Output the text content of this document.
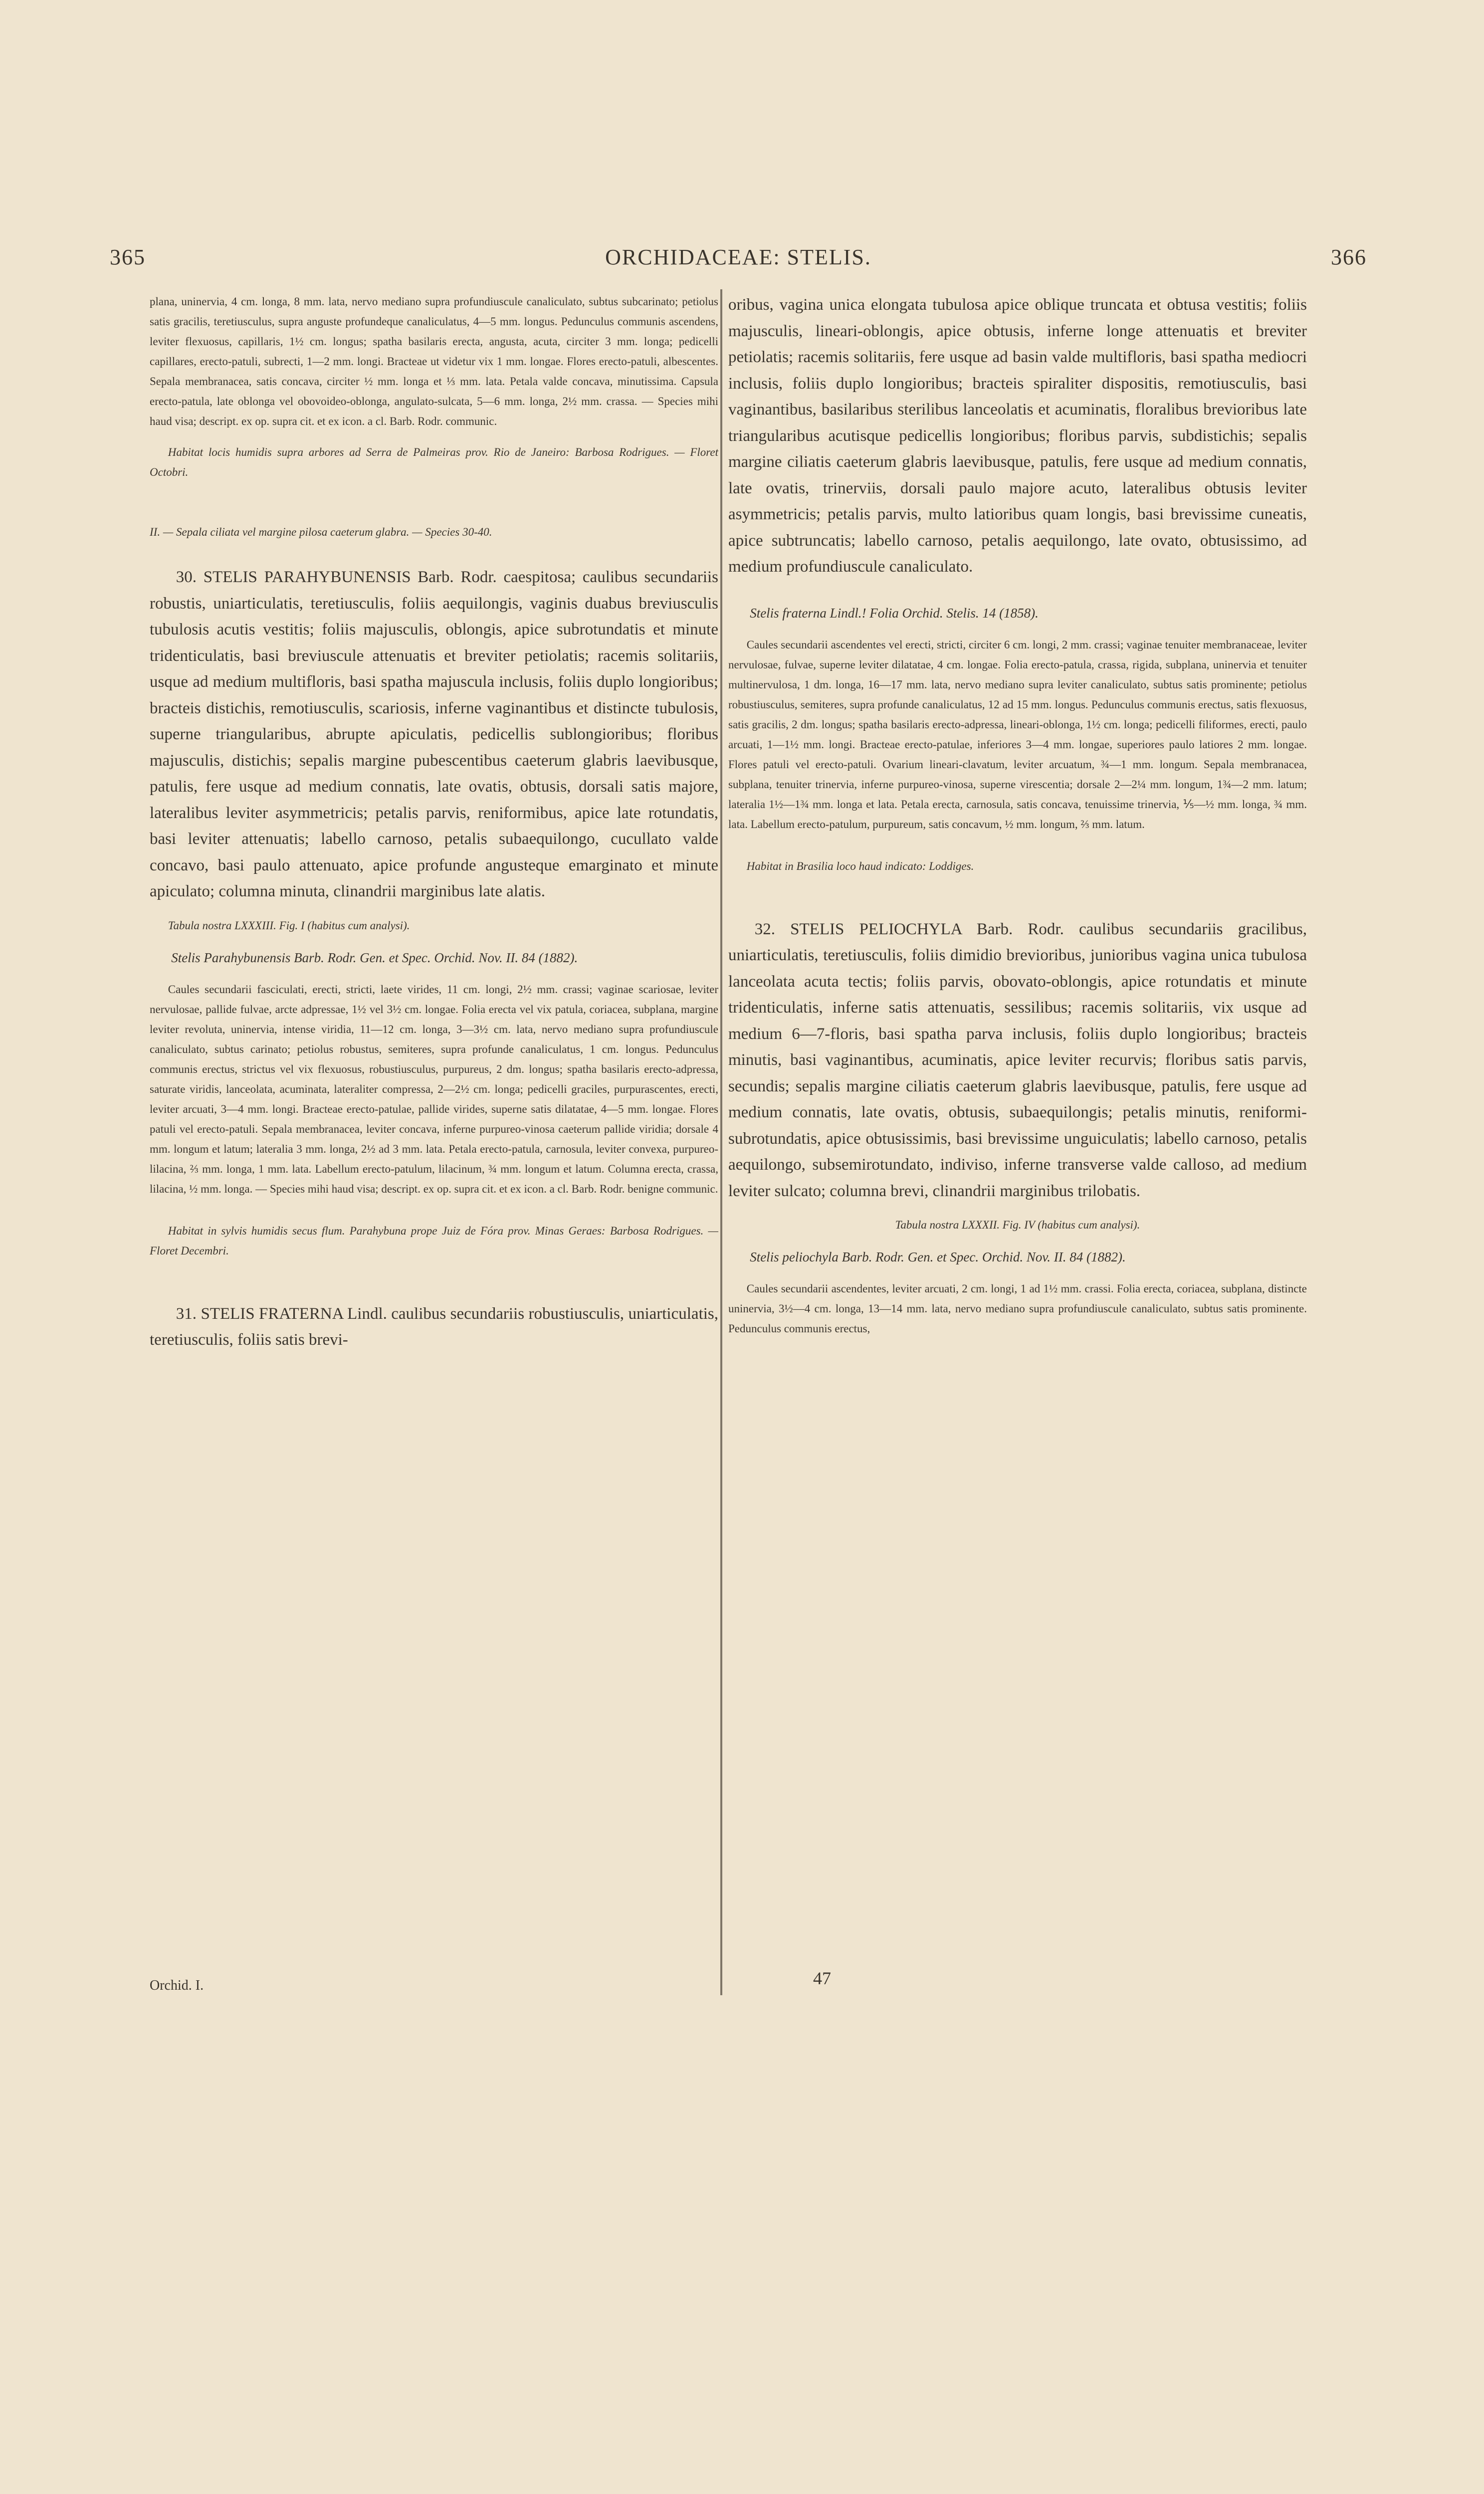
365	ORCHIDACEAE: STELIS.	366

plana, uninervia, 4 cm. longa, 8 mm. lata, nervo mediano supra profundiuscule canaliculato, subtus subcarinato; petiolus satis gracilis, teretiusculus, supra anguste profundeque canaliculatus, 4—5 mm. longus. Pedunculus communis ascendens, leviter flexuosus, capillaris, 1½ cm. longus; spatha basilaris erecta, angusta, acuta, circiter 3 mm. longa; pedicelli capillares, erecto-patuli, subrecti, 1—2 mm. longi. Bracteae ut videtur vix 1 mm. longae. Flores erecto-patuli, albescentes. Sepala membranacea, satis concava, circiter ½ mm. longa et ⅓ mm. lata. Petala valde concava, minutissima. Capsula erecto-patula, late oblonga vel obovoideo-oblonga, angulato-sulcata, 5—6 mm. longa, 2½ mm. crassa. — Species mihi haud visa; descript. ex op. supra cit. et ex icon. a cl. Barb. Rodr. communic.

Habitat locis humidis supra arbores ad Serra de Palmeiras prov. Rio de Janeiro: Barbosa Rodrigues. — Floret Octobri.

II. — Sepala ciliata vel margine pilosa caeterum glabra. — Species 30-40.

30. STELIS PARAHYBUNENSIS Barb. Rodr. caespitosa; caulibus secundariis robustis, uniarticulatis, teretiusculis, foliis aequilongis, vaginis duabus breviusculis tubulosis acutis vestitis; foliis majusculis, oblongis, apice subrotundatis et minute tridenticulatis, basi breviuscule attenuatis et breviter petiolatis; racemis solitariis, usque ad medium multifloris, basi spatha majuscula inclusis, foliis duplo longioribus; bracteis distichis, remotiusculis, scariosis, inferne vaginantibus et distincte tubulosis, superne triangularibus, abrupte apiculatis, pedicellis sublongioribus; floribus majusculis, distichis; sepalis margine pubescentibus caeterum glabris laevibusque, patulis, fere usque ad medium connatis, late ovatis, obtusis, dorsali satis majore, lateralibus leviter asymmetricis; petalis parvis, reniformibus, apice late rotundatis, basi leviter attenuatis; labello carnoso, petalis subaequilongo, cucullato valde concavo, basi paulo attenuato, apice profunde angusteque emarginato et minute apiculato; columna minuta, clinandrii marginibus late alatis.

Tabula nostra LXXXIII. Fig. I (habitus cum analysi).

Stelis Parahybunensis Barb. Rodr. Gen. et Spec. Orchid. Nov. II. 84 (1882).

Caules secundarii fasciculati, erecti, stricti, laete virides, 11 cm. longi, 2½ mm. crassi; vaginae scariosae, leviter nervulosae, pallide fulvae, arcte adpressae, 1½ vel 3½ cm. longae. Folia erecta vel vix patula, coriacea, subplana, margine leviter revoluta, uninervia, intense viridia, 11—12 cm. longa, 3—3½ cm. lata, nervo mediano supra profundiuscule canaliculato, subtus carinato; petiolus robustus, semiteres, supra profunde canaliculatus, 1 cm. longus. Pedunculus communis erectus, strictus vel vix flexuosus, robustiusculus, purpureus, 2 dm. longus; spatha basilaris erecto-adpressa, saturate viridis, lanceolata, acuminata, lateraliter compressa, 2—2½ cm. longa; pedicelli graciles, purpurascentes, erecti, leviter arcuati, 3—4 mm. longi. Bracteae erecto-patulae, pallide virides, superne satis dilatatae, 4—5 mm. longae. Flores patuli vel erecto-patuli. Sepala membranacea, leviter concava, inferne purpureo-vinosa caeterum pallide viridia; dorsale 4 mm. longum et latum; lateralia 3 mm. longa, 2½ ad 3 mm. lata. Petala erecto-patula, carnosula, leviter convexa, purpureo-lilacina, ⅔ mm. longa, 1 mm. lata. Labellum erecto-patulum, lilacinum, ¾ mm. longum et latum. Columna erecta, crassa, lilacina, ½ mm. longa. — Species mihi haud visa; descript. ex op. supra cit. et ex icon. a cl. Barb. Rodr. benigne communic.

Habitat in sylvis humidis secus flum. Parahybuna prope Juiz de Fóra prov. Minas Geraes: Barbosa Rodrigues. — Floret Decembri.

31. STELIS FRATERNA Lindl. caulibus secundariis robustiusculis, uniarticulatis, teretiusculis, foliis satis brevi-

oribus, vagina unica elongata tubulosa apice oblique truncata et obtusa vestitis; foliis majusculis, lineari-oblongis, apice obtusis, inferne longe attenuatis et breviter petiolatis; racemis solitariis, fere usque ad basin valde multifloris, basi spatha mediocri inclusis, foliis duplo longioribus; bracteis spiraliter dispositis, remotiusculis, basi vaginantibus, basilaribus sterilibus lanceolatis et acuminatis, floralibus brevioribus late triangularibus acutisque pedicellis longioribus; floribus parvis, subdistichis; sepalis margine ciliatis caeterum glabris laevibusque, patulis, fere usque ad medium connatis, late ovatis, trinerviis, dorsali paulo majore acuto, lateralibus obtusis leviter asymmetricis; petalis parvis, multo latioribus quam longis, basi brevissime cuneatis, apice subtruncatis; labello carnoso, petalis aequilongo, late ovato, obtusissimo, ad medium profundiuscule canaliculato.

Stelis fraterna Lindl.! Folia Orchid. Stelis. 14 (1858).

Caules secundarii ascendentes vel erecti, stricti, circiter 6 cm. longi, 2 mm. crassi; vaginae tenuiter membranaceae, leviter nervulosae, fulvae, superne leviter dilatatae, 4 cm. longae. Folia erecto-patula, crassa, rigida, subplana, uninervia et tenuiter multinervulosa, 1 dm. longa, 16—17 mm. lata, nervo mediano supra leviter canaliculato, subtus satis prominente; petiolus robustiusculus, semiteres, supra profunde canaliculatus, 12 ad 15 mm. longus. Pedunculus communis erectus, satis flexuosus, satis gracilis, 2 dm. longus; spatha basilaris erecto-adpressa, lineari-oblonga, 1½ cm. longa; pedicelli filiformes, erecti, paulo arcuati, 1—1½ mm. longi. Bracteae erecto-patulae, inferiores 3—4 mm. longae, superiores paulo latiores 2 mm. longae. Flores patuli vel erecto-patuli. Ovarium lineari-clavatum, leviter arcuatum, ¾—1 mm. longum. Sepala membranacea, subplana, tenuiter trinervia, inferne purpureo-vinosa, superne virescentia; dorsale 2—2¼ mm. longum, 1¾—2 mm. latum; lateralia 1½—1¾ mm. longa et lata. Petala erecta, carnosula, satis concava, tenuissime trinervia, ⅕—½ mm. longa, ¾ mm. lata. Labellum erecto-patulum, purpureum, satis concavum, ½ mm. longum, ⅔ mm. latum.

Habitat in Brasilia loco haud indicato: Loddiges.

32. STELIS PELIOCHYLA Barb. Rodr. caulibus secundariis gracilibus, uniarticulatis, teretiusculis, foliis dimidio brevioribus, junioribus vagina unica tubulosa lanceolata acuta tectis; foliis parvis, obovato-oblongis, apice rotundatis et minute tridenticulatis, inferne satis attenuatis, sessilibus; racemis solitariis, vix usque ad medium 6—7-floris, basi spatha parva inclusis, foliis duplo longioribus; bracteis minutis, basi vaginantibus, acuminatis, apice leviter recurvis; floribus satis parvis, secundis; sepalis margine ciliatis caeterum glabris laevibusque, patulis, fere usque ad medium connatis, late ovatis, obtusis, subaequilongis; petalis minutis, reniformi-subrotundatis, apice obtusissimis, basi brevissime unguiculatis; labello carnoso, petalis aequilongo, subsemirotundato, indiviso, inferne transverse valde calloso, ad medium leviter sulcato; columna brevi, clinandrii marginibus trilobatis.

Tabula nostra LXXXII. Fig. IV (habitus cum analysi).

Stelis peliochyla Barb. Rodr. Gen. et Spec. Orchid. Nov. II. 84 (1882).

Caules secundarii ascendentes, leviter arcuati, 2 cm. longi, 1 ad 1½ mm. crassi. Folia erecta, coriacea, subplana, distincte uninervia, 3½—4 cm. longa, 13—14 mm. lata, nervo mediano supra profundiuscule canaliculato, subtus satis prominente. Pedunculus communis erectus,

Orchid. I.	47
